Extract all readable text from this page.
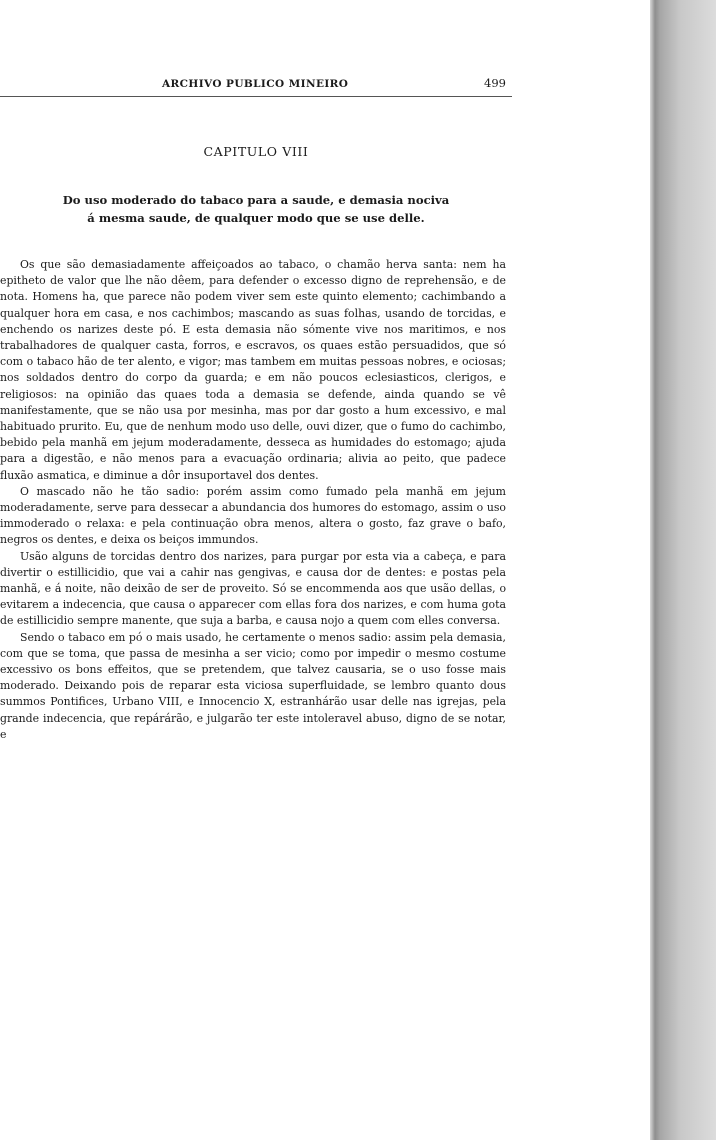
ARCHIVO PUBLICO MINEIRO	499
CAPITULO VIII
Do uso moderado do tabaco para a saude, e demasia nociva
á mesma saude, de qualquer modo que se use delle.

Os que são demasiadamente affeiçoados ao tabaco, o chamão herva santa: nem ha epitheto de valor que lhe não dêem, para defender o excesso digno de reprehensão, e de nota. Homens ha, que parece não podem viver sem este quinto elemento; cachimbando a qualquer hora em casa, e nos cachimbos; mascando as suas folhas, usando de torcidas, e enchendo os narizes deste pó. E esta demasia não sómente vive nos maritimos, e nos trabalhadores de qualquer casta, forros, e escravos, os quaes estão persuadidos, que só com o tabaco hão de ter alento, e vigor; mas tambem em muitas pessoas nobres, e ociosas; nos soldados dentro do corpo da guarda; e em não poucos eclesiasticos, clerigos, e religiosos: na opinião das quaes toda a demasia se defende, ainda quando se vê manifestamente, que se não usa por mesinha, mas por dar gosto a hum excessivo, e mal habituado prurito. Eu, que de nenhum modo uso delle, ouvi dizer, que o fumo do cachimbo, bebido pela manhã em jejum moderadamente, desseca as humidades do estomago; ajuda para a digestão, e não menos para a evacuação ordinaria; alivia ao peito, que padece fluxão asmatica, e diminue a dôr insuportavel dos dentes.

O mascado não he tão sadio: porém assim como fumado pela manhã em jejum moderadamente, serve para dessecar a abundancia dos humores do estomago, assim o uso immoderado o relaxa: e pela continuação obra menos, altera o gosto, faz grave o bafo, negros os dentes, e deixa os beiços immundos.

Usão alguns de torcidas dentro dos narizes, para purgar por esta via a cabeça, e para divertir o estillicidio, que vai a cahir nas gengivas, e causa dor de dentes: e postas pela manhã, e á noite, não deixão de ser de proveito. Só se encommenda aos que usão dellas, o evitarem a indecencia, que causa o apparecer com ellas fora dos narizes, e com huma gota de estillicidio sempre manente, que suja a barba, e causa nojo a quem com elles conversa.

Sendo o tabaco em pó o mais usado, he certamente o menos sadio: assim pela demasia, com que se toma, que passa de mesinha a ser vicio; como por impedir o mesmo costume excessivo os bons effeitos, que se pretendem, que talvez causaria, se o uso fosse mais moderado. Deixando pois de reparar esta viciosa superfluidade, se lembro quanto dous summos Pontifices, Urbano VIII, e Innocencio X, estranhárão usar delle nas igrejas, pela grande indecencia, que repárárão, e julgarão ter este intoleravel abuso, digno de se notar, e
